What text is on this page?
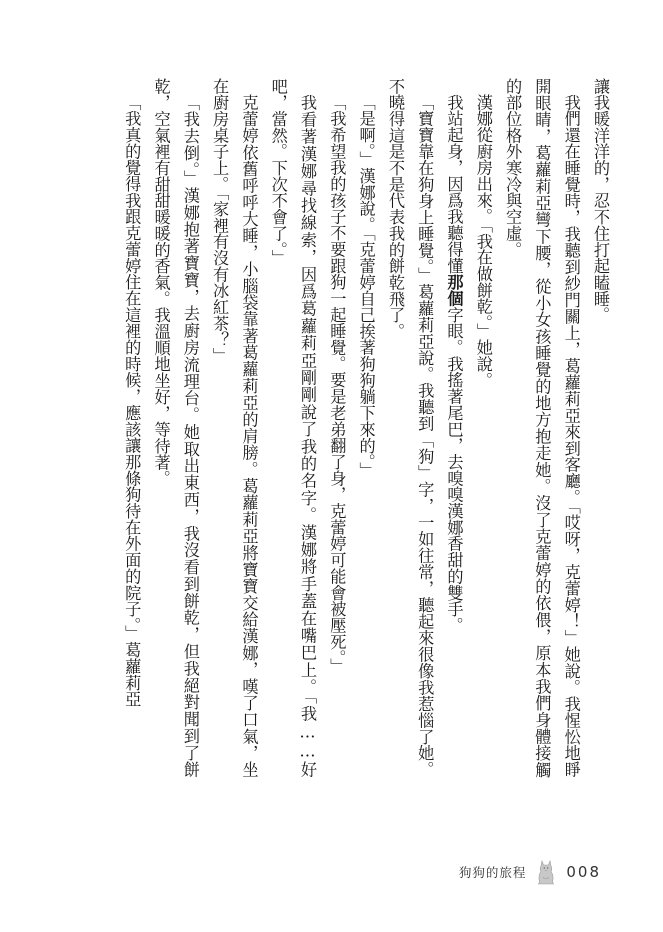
讓我暖洋洋的，忍不住打起瞌睡。

我們還在睡覺時，我聽到紗門關上，葛蘿莉亞來到客廳。「哎呀，克蕾婷！」她說。我惺忪地睜開眼睛，葛蘿莉亞彎下腰，從小女孩睡覺的地方抱走她。沒了克蕾婷的依偎，原本我們身體接觸的部位格外寒冷與空虛。

漢娜從廚房出來。「我在做餅乾。」她說。

我站起身，因爲我聽得懂那個字眼。我搖著尾巴，去嗅嗅漢娜香甜的雙手。

「寶寶靠在狗身上睡覺。」葛蘿莉亞說。我聽到「狗」字，一如往常，聽起來很像我惹惱了她。不曉得這是不是代表我的餅乾飛了。

「是啊。」漢娜說。「克蕾婷自己挨著狗狗躺下來的。」

「我希望我的孩子不要跟狗一起睡覺。要是老弟翻了身，克蕾婷可能會被壓死。」

我看著漢娜尋找線索，因爲葛蘿莉亞剛剛說了我的名字。漢娜將手蓋在嘴巴上。「我……好吧，當然。下次不會了。」

克蕾婷依舊呼呼大睡，小腦袋靠著葛蘿莉亞的肩膀。葛蘿莉亞將寶寶交給漢娜，嘆了口氣，坐在廚房桌子上。「家裡有沒有冰紅茶？」

「我去倒。」漢娜抱著寶寶，去廚房流理台。她取出東西，我沒看到餅乾，但我絕對聞到了餅乾，空氣裡有甜甜暖暖的香氣。我溫順地坐好，等待著。

「我真的覺得我跟克蕾婷住在這裡的時候，應該讓那條狗待在外面的院子。」葛蘿莉亞

狗狗的旅程	008
